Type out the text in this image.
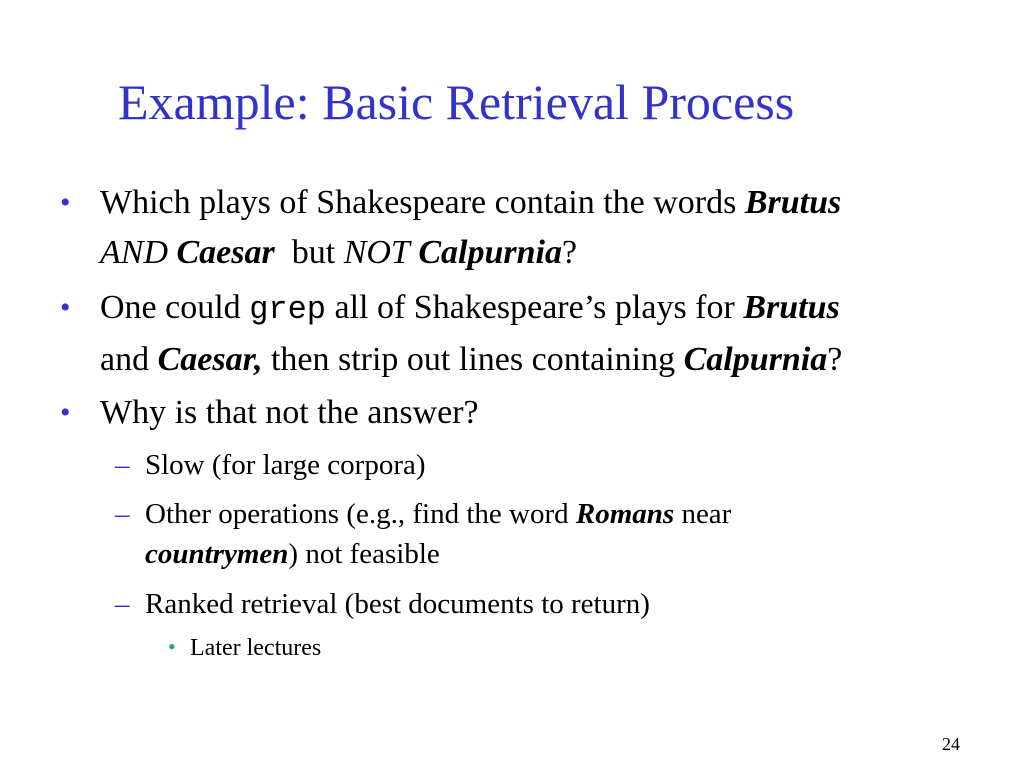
Example: Basic Retrieval Process
• Which plays of Shakespeare contain the words Brutus
AND Caesar  but NOT Calpurnia?
• One could grep all of Shakespeare’s plays for Brutus
and Caesar, then strip out lines containing Calpurnia?
• Why is that not the answer?
– Slow (for large corpora)
– Other operations (e.g., find the word Romans near
countrymen) not feasible
– Ranked retrieval (best documents to return)
• Later lectures
24
